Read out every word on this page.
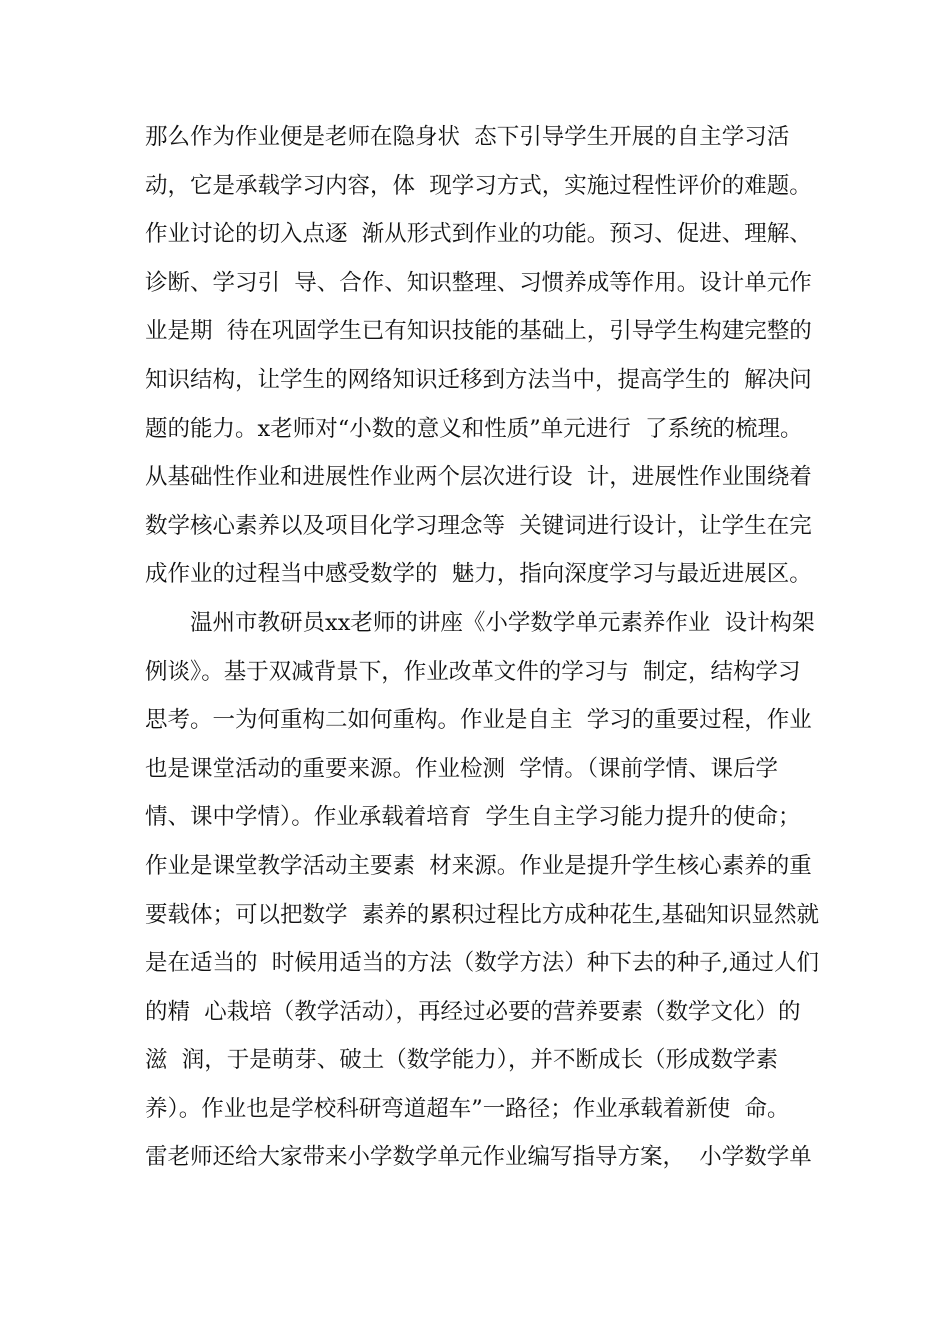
那么作为作业便是老师在隐身状  态下引导学生开展的自主学习活
动，它是承载学习内容，体  现学习方式，实施过程性评价的难题。
作业讨论的切入点逐  渐从形式到作业的功能。预习、促进、理解、
诊断、学习引  导、合作、知识整理、习惯养成等作用。设计单元作
业是期  待在巩固学生已有知识技能的基础上，引导学生构建完整的
知识结构，让学生的网络知识迁移到方法当中，提高学生的  解决问
题的能力。x老师对“小数的意义和性质”单元进行  了系统的梳理。
从基础性作业和进展性作业两个层次进行设  计，进展性作业围绕着
数学核心素养以及项目化学习理念等  关键词进行设计，让学生在完
成作业的过程当中感受数学的  魅力，指向深度学习与最近进展区。
温州市教研员xx老师的讲座《小学数学单元素养作业  设计构架
例谈》。基于双减背景下，作业改革文件的学习与  制定，结构学习
思考。一为何重构二如何重构。作业是自主  学习的重要过程，作业
也是课堂活动的重要来源。作业检测  学情。（课前学情、课后学
情、课中学情）。作业承载着培育  学生自主学习能力提升的使命；
作业是课堂教学活动主要素  材来源。作业是提升学生核心素养的重
要载体；可以把数学  素养的累积过程比方成种花生,基础知识显然就
是在适当的  时候用适当的方法（数学方法）种下去的种子,通过人们
的精  心栽培（教学活动），再经过必要的营养要素（数学文化）的
滋  润，于是萌芽、破土（数学能力），并不断成长（形成数学素
养）。作业也是学校科研弯道超车”一路径；作业承载着新使  命。
雷老师还给大家带来小学数学单元作业编写指导方案，  小学数学单
